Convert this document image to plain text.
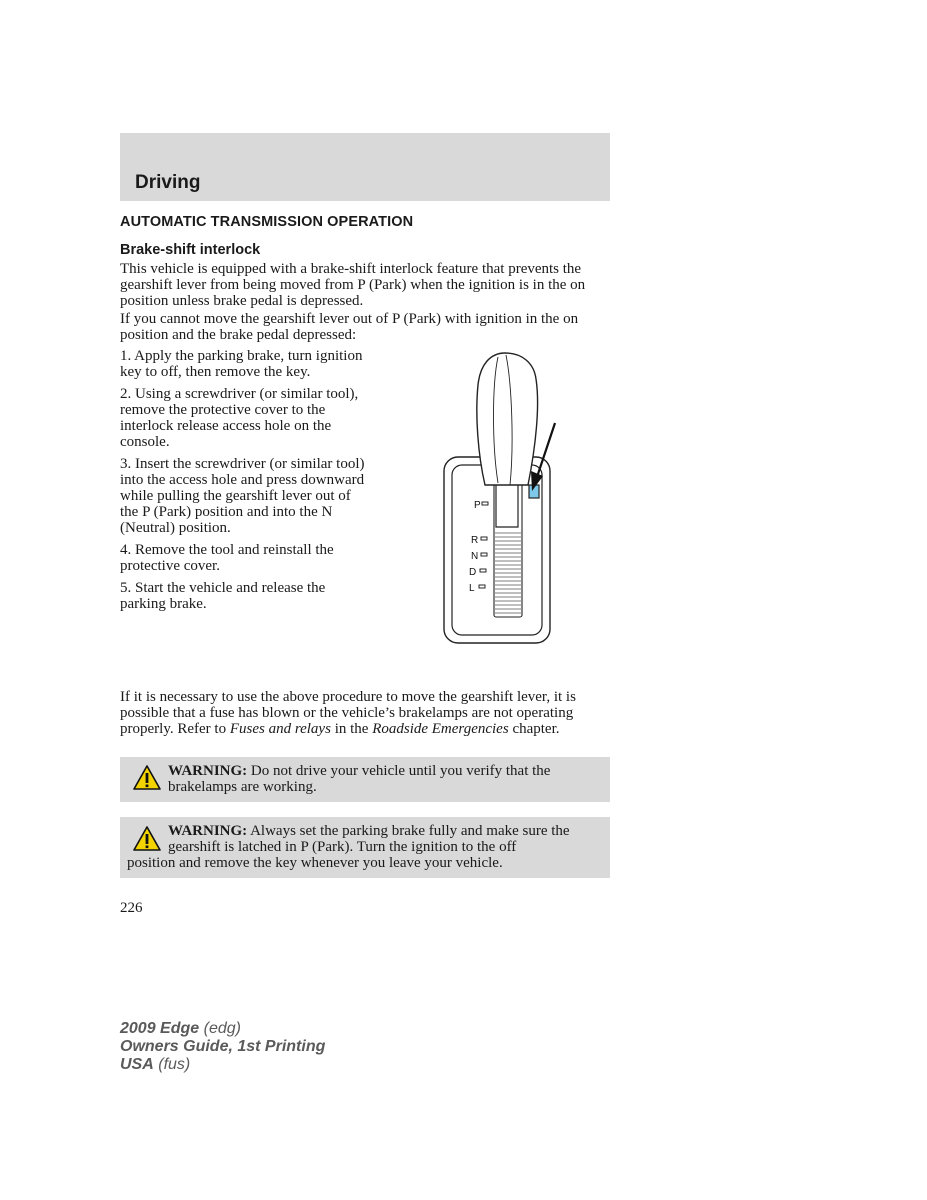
Driving
AUTOMATIC TRANSMISSION OPERATION
Brake-shift interlock
This vehicle is equipped with a brake-shift interlock feature that prevents the gearshift lever from being moved from P (Park) when the ignition is in the on position unless brake pedal is depressed.
If you cannot move the gearshift lever out of P (Park) with ignition in the on position and the brake pedal depressed:

1. Apply the parking brake, turn ignition key to off, then remove the key.

2. Using a screwdriver (or similar tool), remove the protective cover to the interlock release access hole on the console.

3. Insert the screwdriver (or similar tool) into the access hole and press downward while pulling the gearshift lever out of the P (Park) position and into the N (Neutral) position.

4. Remove the tool and reinstall the protective cover.

5. Start the vehicle and release the parking brake.

P
R
N
D
L
If it is necessary to use the above procedure to move the gearshift lever, it is possible that a fuse has blown or the vehicle’s brakelamps are not operating properly. Refer to Fuses and relays in the Roadside Emergencies chapter.
WARNING: Do not drive your vehicle until you verify that the brakelamps are working.
WARNING: Always set the parking brake fully and make sure the gearshift is latched in P (Park). Turn the ignition to the off
position and remove the key whenever you leave your vehicle.
226
2009 Edge (edg)
Owners Guide, 1st Printing
USA (fus)
